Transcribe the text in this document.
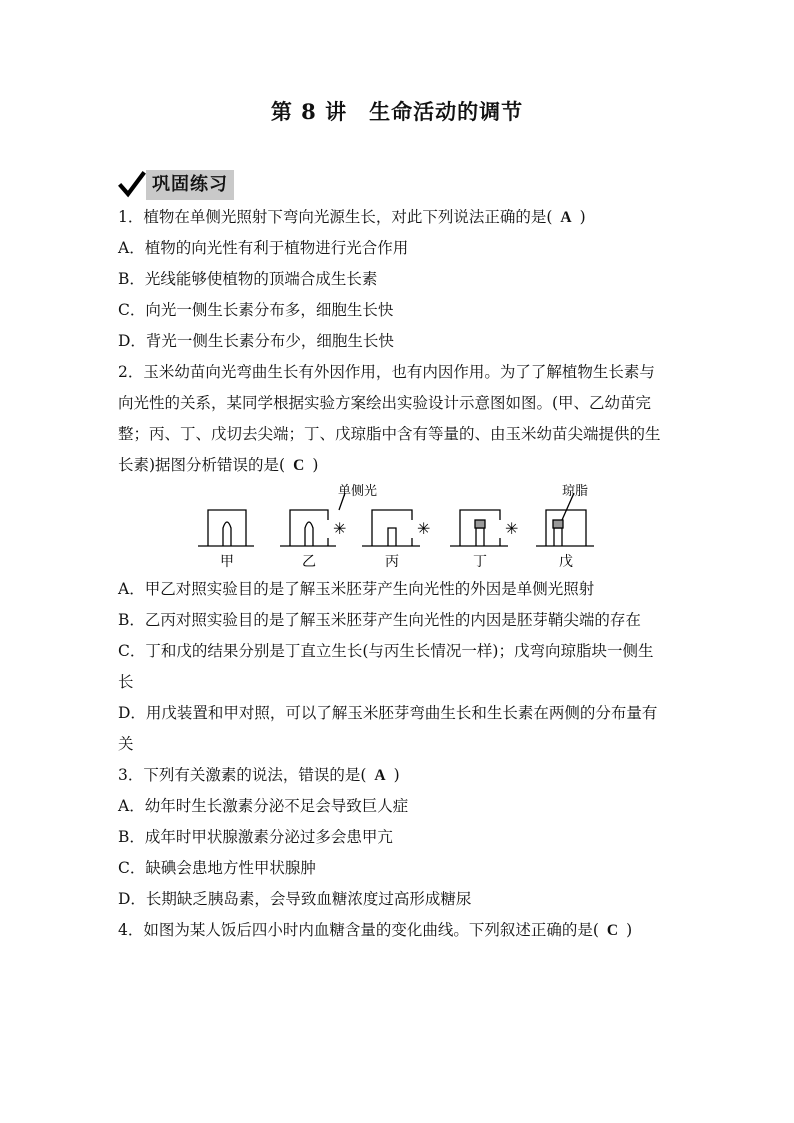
第 8 讲 生命活动的调节
巩固练习
1．植物在单侧光照射下弯向光源生长，对此下列说法正确的是( A )
A．植物的向光性有利于植物进行光合作用
B．光线能够使植物的顶端合成生长素
C．向光一侧生长素分布多，细胞生长快
D．背光一侧生长素分布少，细胞生长快
2．玉米幼苗向光弯曲生长有外因作用，也有内因作用。为了了解植物生长素与
向光性的关系，某同学根据实验方案绘出实验设计示意图如图。(甲、乙幼苗完
整；丙、丁、戊切去尖端；丁、戊琼脂中含有等量的、由玉米幼苗尖端提供的生
长素)据图分析错误的是( C )
单侧光	琼脂
✳	✳	✳
甲	乙	丙	丁	戊
A．甲乙对照实验目的是了解玉米胚芽产生向光性的外因是单侧光照射
B．乙丙对照实验目的是了解玉米胚芽产生向光性的内因是胚芽鞘尖端的存在
C．丁和戊的结果分别是丁直立生长(与丙生长情况一样)；戊弯向琼脂块一侧生
长
D．用戊装置和甲对照，可以了解玉米胚芽弯曲生长和生长素在两侧的分布量有
关
3．下列有关激素的说法，错误的是( A )
A．幼年时生长激素分泌不足会导致巨人症
B．成年时甲状腺激素分泌过多会患甲亢
C．缺碘会患地方性甲状腺肿
D．长期缺乏胰岛素，会导致血糖浓度过高形成糖尿
4．如图为某人饭后四小时内血糖含量的变化曲线。下列叙述正确的是( C )
